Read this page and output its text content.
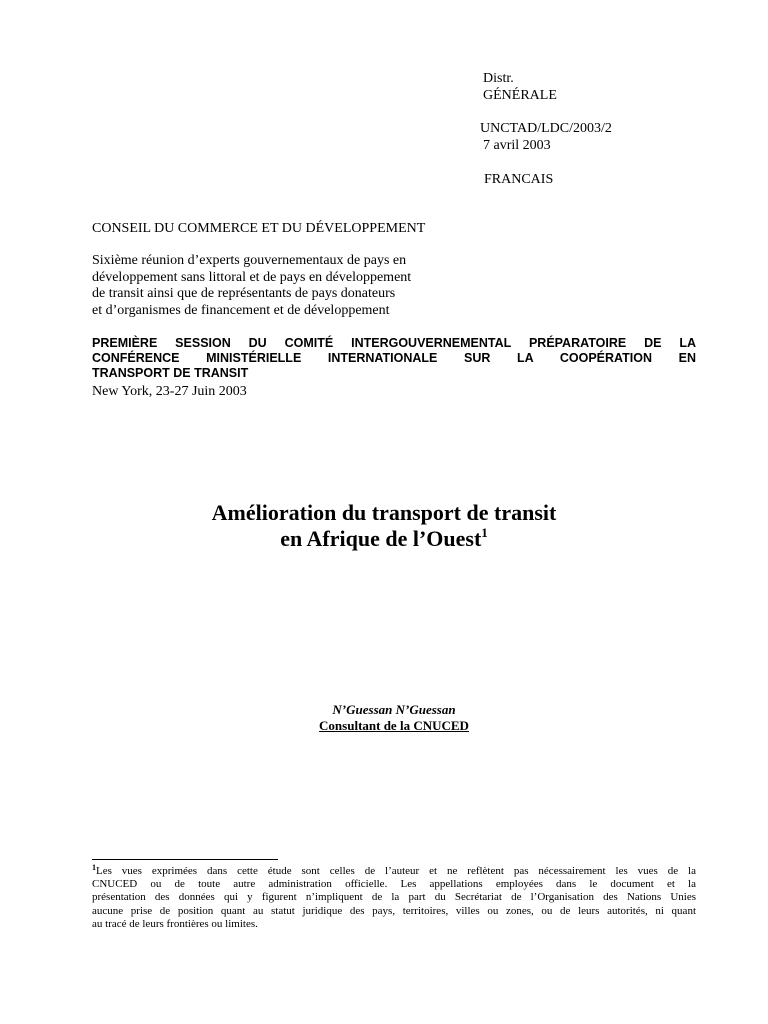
Distr.
GÉNÉRALE
UNCTAD/LDC/2003/2
7 avril 2003
FRANCAIS
CONSEIL DU COMMERCE ET DU DÉVELOPPEMENT
Sixième réunion d’experts gouvernementaux de pays en
développement sans littoral et de pays en développement
de transit ainsi que de représentants de pays donateurs
et d’organismes de financement et de développement
PREMIÈRE SESSION DU COMITÉ INTERGOUVERNEMENTAL PRÉPARATOIRE DE LA
CONFÉRENCE MINISTÉRIELLE INTERNATIONALE SUR LA COOPÉRATION EN
TRANSPORT DE TRANSIT
New York, 23-27 Juin 2003
Amélioration du transport de transit
en Afrique de l’Ouest$^1$
N’Guessan N’Guessan
Consultant de la CNUCED
$^1$Les vues exprimées dans cette étude sont celles de l’auteur et ne reflètent pas nécessairement les vues de la
CNUCED ou de toute autre administration officielle. Les appellations employées dans le document et la
présentation des données qui y figurent n’impliquent de la part du Secrétariat de l’Organisation des Nations Unies
aucune prise de position quant au statut juridique des pays, territoires, villes ou zones, ou de leurs autorités, ni quant
au tracé de leurs frontières ou limites.
